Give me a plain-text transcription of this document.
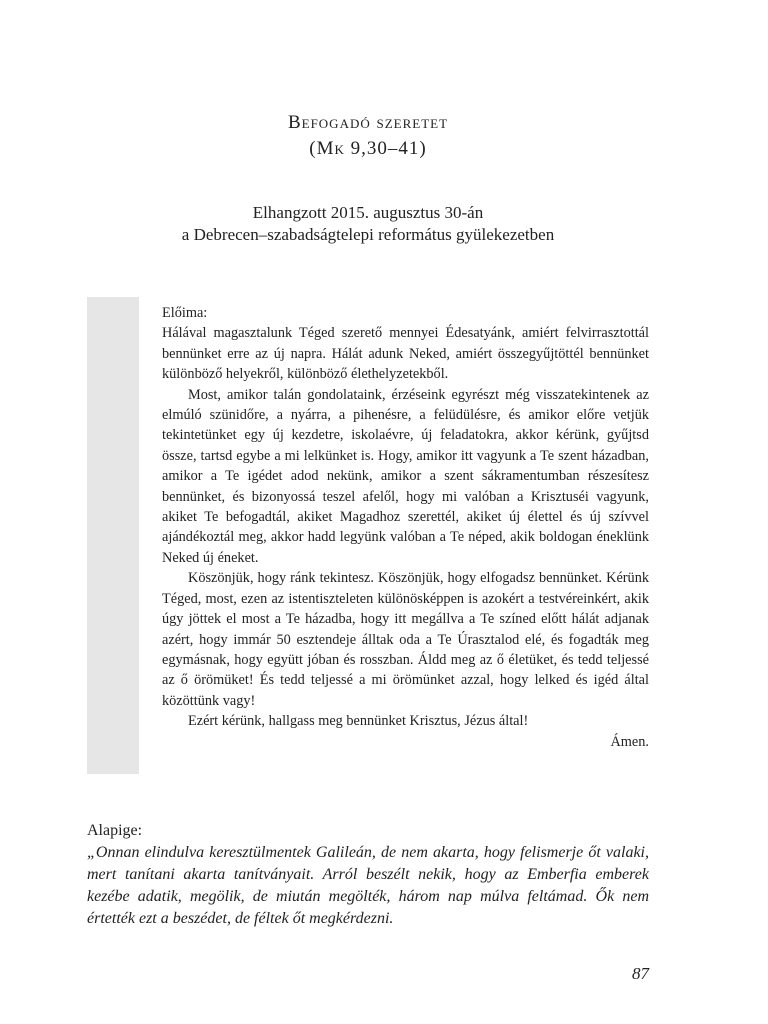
Befogadó szeretet
(Mk 9,30–41)
Elhangzott 2015. augusztus 30-án
a Debrecen–szabadságtelepi református gyülekezetben

Előima:

Hálával magasztalunk Téged szerető mennyei Édesatyánk, amiért felvirrasztottál bennünket erre az új napra. Hálát adunk Neked, amiért összegyűjtöttél bennünket különböző helyekről, különböző élethelyzetekből.

Most, amikor talán gondolataink, érzéseink egyrészt még visszatekintenek az elmúló szünidőre, a nyárra, a pihenésre, a felüdülésre, és amikor előre vetjük tekintetünket egy új kezdetre, iskolaévre, új feladatokra, akkor kérünk, gyűjtsd össze, tartsd egybe a mi lelkünket is. Hogy, amikor itt vagyunk a Te szent házadban, amikor a Te igédet adod nekünk, amikor a szent sákramentumban részesítesz bennünket, és bizonyossá teszel afelől, hogy mi valóban a Krisztuséi vagyunk, akiket Te befogadtál, akiket Magadhoz szerettél, akiket új élettel és új szívvel ajándékoztál meg, akkor hadd legyünk valóban a Te néped, akik boldogan éneklünk Neked új éneket.

Köszönjük, hogy ránk tekintesz. Köszönjük, hogy elfogadsz bennünket. Kérünk Téged, most, ezen az istentiszteleten különösképpen is azokért a testvéreinkért, akik úgy jöttek el most a Te házadba, hogy itt megállva a Te színed előtt hálát adjanak azért, hogy immár 50 esztendeje álltak oda a Te Úrasztalod elé, és fogadták meg egymásnak, hogy együtt jóban és rosszban. Áldd meg az ő életüket, és tedd teljessé az ő örömüket! És tedd teljessé a mi örömünket azzal, hogy lelked és igéd által közöttünk vagy!

Ezért kérünk, hallgass meg bennünket Krisztus, Jézus által!

Ámen.

Alapige:

„Onnan elindulva keresztülmentek Galileán, de nem akarta, hogy felismerje őt valaki, mert tanítani akarta tanítványait. Arról beszélt nekik, hogy az Emberfia emberek kezébe adatik, megölik, de miután megölték, három nap múlva feltámad. Ők nem értették ezt a beszédet, de féltek őt megkérdezni.

87
